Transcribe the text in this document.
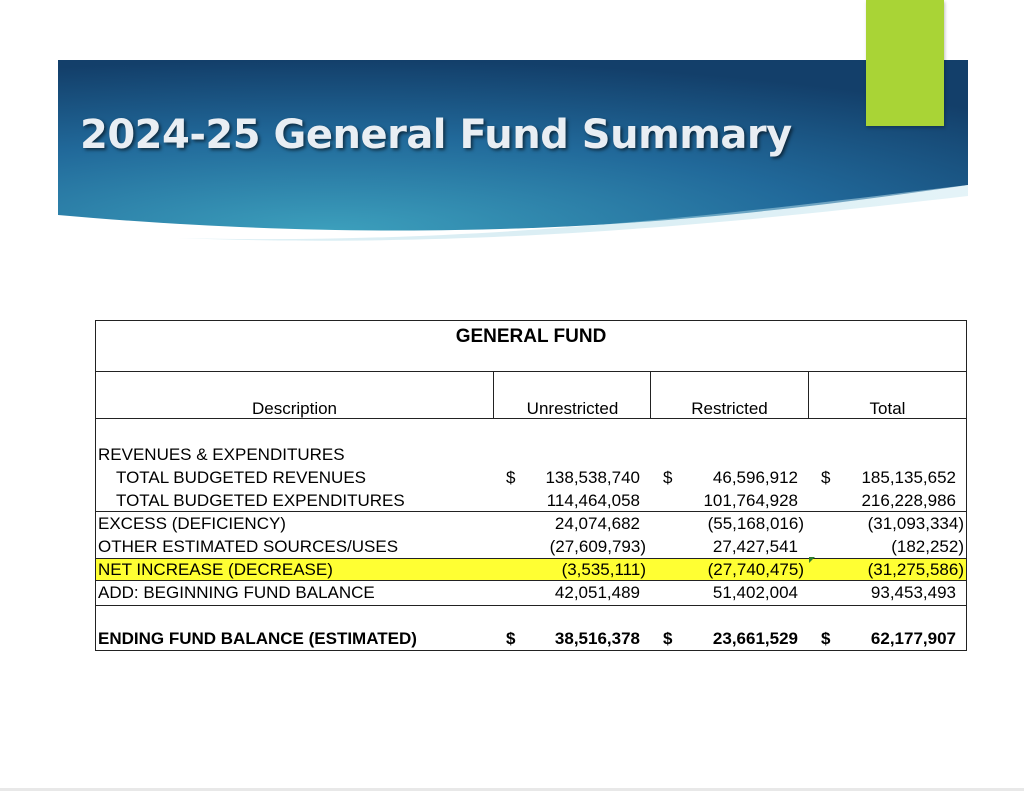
2024-25 General Fund Summary
GENERAL FUND
Description	Unrestricted	Restricted	Total
REVENUES & EXPENDITURES
TOTAL BUDGETED REVENUES	$	138,538,740 $	46,596,912 $	185,135,652
TOTAL BUDGETED EXPENDITURES	114,464,058	101,764,928	216,228,986
EXCESS (DEFICIENCY)	24,074,682	(55,168,016)	(31,093,334)
OTHER ESTIMATED SOURCES/USES	(27,609,793)	27,427,541	(182,252)
NET INCREASE (DECREASE)	(3,535,111)	(27,740,475)	(31,275,586)
ADD: BEGINNING FUND BALANCE	42,051,489	51,402,004	93,453,493
ENDING FUND BALANCE (ESTIMATED)	$	38,516,378 $	23,661,529 $	62,177,907
